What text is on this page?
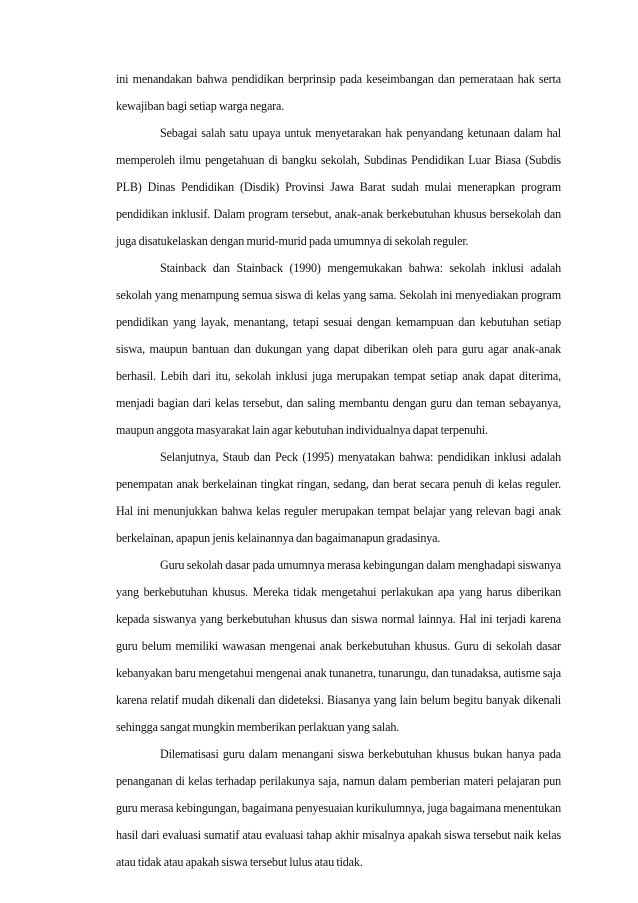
ini menandakan bahwa pendidikan berprinsip pada keseimbangan dan pemerataan hak serta kewajiban bagi setiap warga negara.

Sebagai salah satu upaya untuk menyetarakan hak penyandang ketunaan dalam hal memperoleh ilmu pengetahuan di bangku sekolah, Subdinas Pendidikan Luar Biasa (Subdis PLB) Dinas Pendidikan (Disdik) Provinsi Jawa Barat sudah mulai menerapkan program pendidikan inklusif. Dalam program tersebut, anak-anak berkebutuhan khusus bersekolah dan juga disatukelaskan dengan murid-murid pada umumnya di sekolah reguler.

Stainback dan Stainback (1990) mengemukakan bahwa: sekolah inklusi adalah sekolah yang menampung semua siswa di kelas yang sama. Sekolah ini menyediakan program pendidikan yang layak, menantang, tetapi sesuai dengan kemampuan dan kebutuhan setiap siswa, maupun bantuan dan dukungan yang dapat diberikan oleh para guru agar anak-anak berhasil. Lebih dari itu, sekolah inklusi juga merupakan tempat setiap anak dapat diterima, menjadi bagian dari kelas tersebut, dan saling membantu dengan guru dan teman sebayanya, maupun anggota masyarakat lain agar kebutuhan individualnya dapat terpenuhi.

Selanjutnya, Staub dan Peck (1995) menyatakan bahwa: pendidikan inklusi adalah penempatan anak berkelainan tingkat ringan, sedang, dan berat secara penuh di kelas reguler. Hal ini menunjukkan bahwa kelas reguler merupakan tempat belajar yang relevan bagi anak berkelainan, apapun jenis kelainannya dan bagaimanapun gradasinya.

Guru sekolah dasar pada umumnya merasa kebingungan dalam menghadapi siswanya yang berkebutuhan khusus. Mereka tidak mengetahui perlakukan apa yang harus diberikan kepada siswanya yang berkebutuhan khusus dan siswa normal lainnya. Hal ini terjadi karena guru belum memiliki wawasan mengenai anak berkebutuhan khusus. Guru di sekolah dasar kebanyakan baru mengetahui mengenai anak tunanetra, tunarungu, dan tunadaksa, autisme saja karena relatif mudah dikenali dan dideteksi. Biasanya yang lain belum begitu banyak dikenali sehingga sangat mungkin memberikan perlakuan yang salah.

Dilematisasi guru dalam menangani siswa berkebutuhan khusus bukan hanya pada penanganan di kelas terhadap perilakunya saja, namun dalam pemberian materi pelajaran pun guru merasa kebingungan, bagaimana penyesuaian kurikulumnya, juga bagaimana menentukan hasil dari evaluasi sumatif atau evaluasi tahap akhir misalnya apakah siswa tersebut naik kelas atau tidak atau apakah siswa tersebut lulus atau tidak.
